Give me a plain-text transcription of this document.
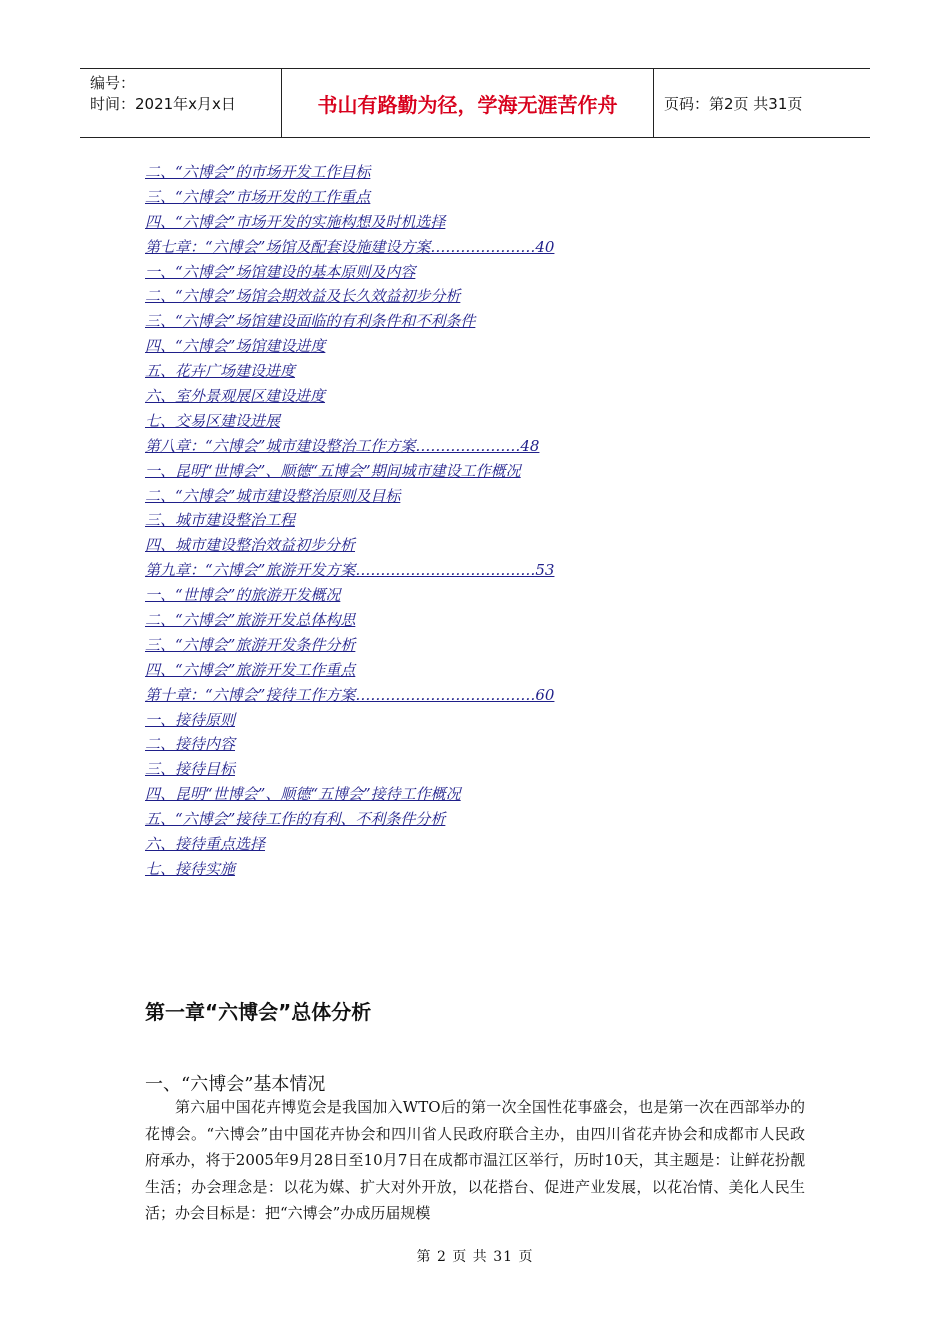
编号：
时间：2021年x月x日	书山有路勤为径，学海无涯苦作舟	页码：第2页 共31页
二、“六博会”的市场开发工作目标
三、“六博会”市场开发的工作重点
四、“六博会”市场开发的实施构想及时机选择
第七章：“六博会”场馆及配套设施建设方案…………………40
一、“六博会”场馆建设的基本原则及内容
二、“六博会”场馆会期效益及长久效益初步分析
三、“六博会”场馆建设面临的有利条件和不利条件
四、“六博会”场馆建设进度
五、花卉广场建设进度
六、室外景观展区建设进度
七、交易区建设进展
第八章：“六博会”城市建设整治工作方案…………………48
一、昆明“世博会”、顺德“五博会”期间城市建设工作概况
二、“六博会”城市建设整治原则及目标
三、城市建设整治工程
四、城市建设整治效益初步分析
第九章：“六博会”旅游开发方案………………………………53
一、“世博会”的旅游开发概况
二、“六博会”旅游开发总体构思
三、“六博会”旅游开发条件分析
四、“六博会”旅游开发工作重点
第十章：“六博会”接待工作方案………………………………60
一、接待原则
二、接待内容
三、接待目标
四、昆明“世博会”、顺德“五博会”接待工作概况
五、“六博会”接待工作的有利、不利条件分析
六、接待重点选择
七、接待实施
第一章“六博会”总体分析
一、“六博会”基本情况

第六届中国花卉博览会是我国加入WTO后的第一次全国性花事盛会，也是第一次在西部举办的花博会。“六博会”由中国花卉协会和四川省人民政府联合主办，由四川省花卉协会和成都市人民政府承办，将于2005年9月28日至10月7日在成都市温江区举行，历时10天，其主题是：让鲜花扮靓生活；办会理念是：以花为媒、扩大对外开放，以花搭台、促进产业发展，以花冶情、美化人民生活；办会目标是：把“六博会”办成历届规模

第 2 页 共 31 页
